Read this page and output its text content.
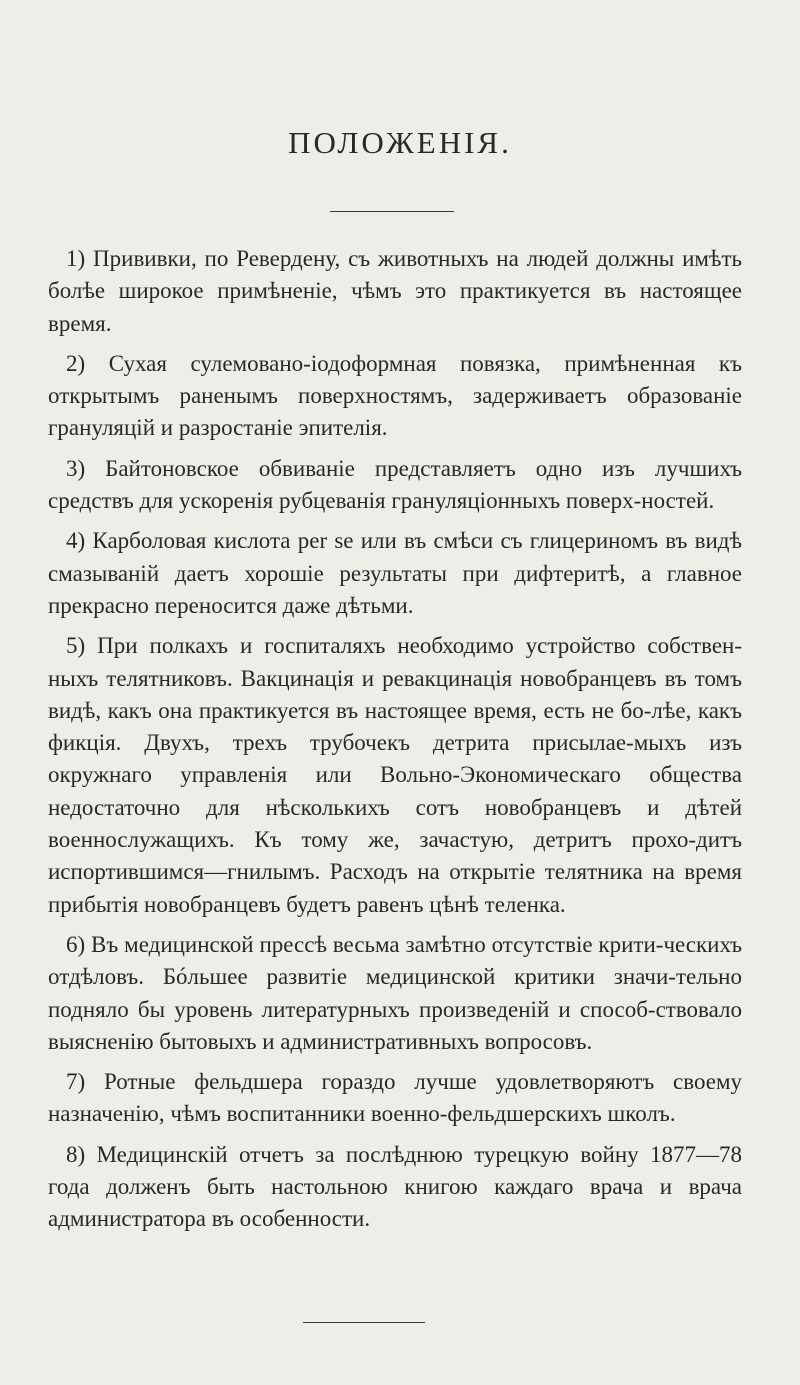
ПОЛОЖЕНІЯ.

1) Прививки, по Ревердену, съ животныхъ на людей должны имѣть болѣе широкое примѣненіе, чѣмъ это практикуется въ настоящее время.

2) Сухая сулемовано-іодоформная повязка, примѣненная къ открытымъ раненымъ поверхностямъ, задерживаетъ образованіе грануляцій и разростаніе эпителія.

3) Байтоновское обвиваніе представляетъ одно изъ лучшихъ средствъ для ускоренія рубцеванія грануляціонныхъ поверх-ностей.

4) Карболовая кислота per se или въ смѣси съ глицериномъ въ видѣ смазываній даетъ хорошіе результаты при дифтеритѣ, а главное прекрасно переносится даже дѣтьми.

5) При полкахъ и госпиталяхъ необходимо устройство собствен-ныхъ телятниковъ. Вакцинація и ревакцинація новобранцевъ въ томъ видѣ, какъ она практикуется въ настоящее время, есть не бо-лѣе, какъ фикція. Двухъ, трехъ трубочекъ детрита присылае-мыхъ изъ окружнаго управленія или Вольно-Экономическаго общества недостаточно для нѣсколькихъ сотъ новобранцевъ и дѣтей военнослужащихъ. Къ тому же, зачастую, детритъ прохо-дитъ испортившимся—гнилымъ. Расходъ на открытіе телятника на время прибытія новобранцевъ будетъ равенъ цѣнѣ теленка.

6) Въ медицинской прессѣ весьма замѣтно отсутствіе крити-ческихъ отдѣловъ. Бóльшее развитіе медицинской критики значи-тельно подняло бы уровень литературныхъ произведеній и способ-ствовало выясненію бытовыхъ и административныхъ вопросовъ.

7) Ротные фельдшера гораздо лучше удовлетворяютъ своему назначенію, чѣмъ воспитанники военно-фельдшерскихъ школъ.

8) Медицинскій отчетъ за послѣднюю турецкую войну 1877—78 года долженъ быть настольною книгою каждаго врача и врача администратора въ особенности.
